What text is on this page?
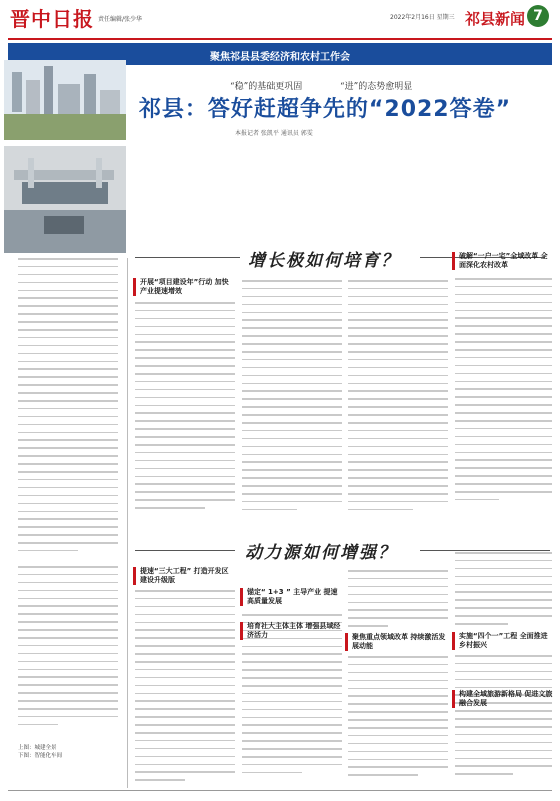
晋中日报 责任编辑/张少华	2022年2月16日 星期三 祁县新闻 7
聚焦祁县县委经济和农村工作会
“稳”的基础更巩固	“进”的态势愈明显
祁县：答好赶超争先的“2022答卷”
本报记者 张凯平 通讯员 郭雯
上图：城建全景
下图：智能化车间
增长极如何培育？
开展“项目建设年”行动 加快产业提速增效
破解“一户一宅”全域改革 全面深化农村改革
动力源如何增强？
提速“三大工程” 打造开发区建设升级版
锚定“ 1+3 ” 主导产业 提速高质量发展
培育社大主体主体 增强县域经济活力	聚焦重点领域改革 持续激活发展动能
实施“四个一”工程 全面推进乡村振兴
构建全域旅游新格局 促进文旅融合发展
